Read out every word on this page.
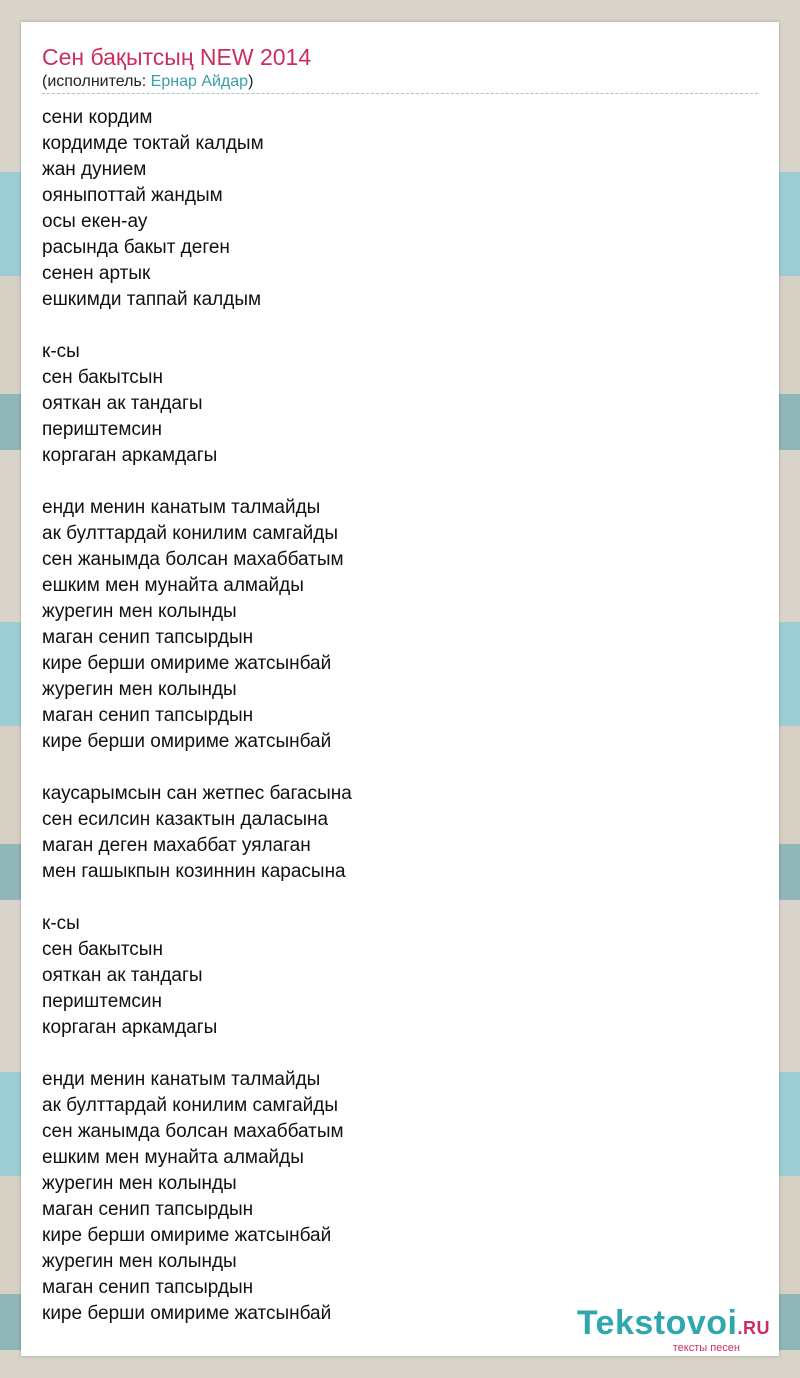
Сен бақытсың NEW 2014
(исполнитель: Ернар Айдар)
сени кордим
кордимде токтай калдым
жан дунием
ояныпоттай жандым
осы екен-ау
расында бакыт деген
сенен артык
ешкимди таппай калдым
к-сы
сен бакытсын
ояткан ак тандагы
периштемсин
коргаган аркамдагы
енди менин канатым талмайды
ак булттардай конилим самгайды
сен жанымда болсан махаббатым
ешким мен мунайта алмайды
журегин мен колынды
маган сенип тапсырдын
кире берши омириме жатсынбай
журегин мен колынды
маган сенип тапсырдын
кире берши омириме жатсынбай
каусарымсын сан жетпес багасына
сен есилсин казактын даласына
маган деген махаббат уялаган
мен гашыкпын козиннин карасына
к-сы
сен бакытсын
ояткан ак тандагы
периштемсин
коргаган аркамдагы
енди менин канатым талмайды
ак булттардай конилим самгайды
сен жанымда болсан махаббатым
ешким мен мунайта алмайды
журегин мен колынды
маган сенип тапсырдын
кире берши омириме жатсынбай
журегин мен колынды
маган сенип тапсырдын
кире берши омириме жатсынбай	Tekstovoi.RU
тексты песен
